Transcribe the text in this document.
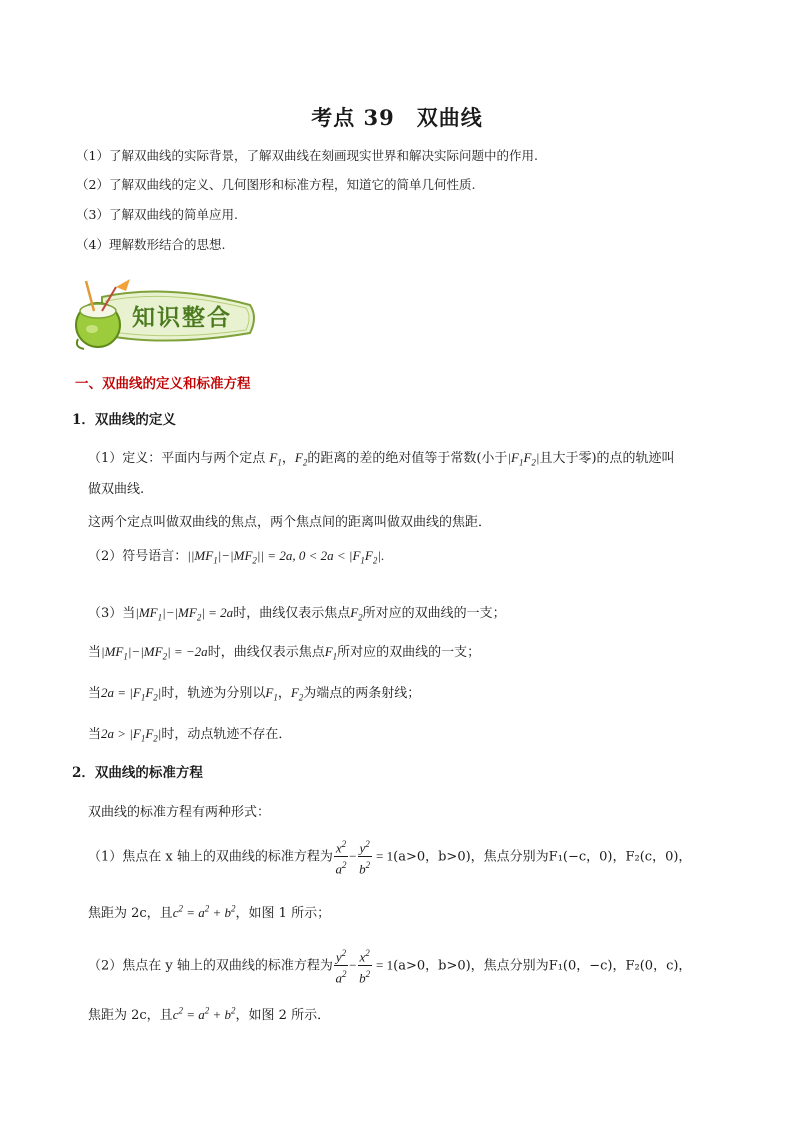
考点 39　双曲线
（1）了解双曲线的实际背景，了解双曲线在刻画现实世界和解决实际问题中的作用.
（2）了解双曲线的定义、几何图形和标准方程，知道它的简单几何性质.
（3）了解双曲线的简单应用.
（4）理解数形结合的思想.
知识整合
一、双曲线的定义和标准方程
1．双曲线的定义
（1）定义：平面内与两个定点 $F_1$，$F_2$的距离的差的绝对值等于常数(小于$|F_1F_2|$且大于零)的点的轨迹叫
做双曲线.
这两个定点叫做双曲线的焦点，两个焦点间的距离叫做双曲线的焦距．
（2）符号语言：$||MF_1|-|MF_2|| = 2a$, $0 < 2a < |F_1F_2|$.
（3）当$|MF_1|-|MF_2| = 2a$时，曲线仅表示焦点$F_2$所对应的双曲线的一支；
当$|MF_1|-|MF_2| = -2a$时，曲线仅表示焦点$F_1$所对应的双曲线的一支；
当$2a = |F_1F_2|$时，轨迹为分别以$F_1$，$F_2$为端点的两条射线；
当$2a > |F_1F_2|$时，动点轨迹不存在．
2．双曲线的标准方程
双曲线的标准方程有两种形式：
（1）焦点在 x 轴上的双曲线的标准方程为 $\frac{x^2}{a^2} - \frac{y^2}{b^2} = 1(a>0$，b>0)，焦点分别为F₁(−c，0)，F₂(c，0)，
焦距为 2c，且$c^2 = a^2 + b^2$，如图 1 所示；
（2）焦点在 y 轴上的双曲线的标准方程为 $\frac{y^2}{a^2} - \frac{x^2}{b^2} = 1(a>0$，b>0)，焦点分别为F₁(0，−c)，F₂(0，c)，
焦距为 2c，且$c^2 = a^2 + b^2$，如图 2 所示．
